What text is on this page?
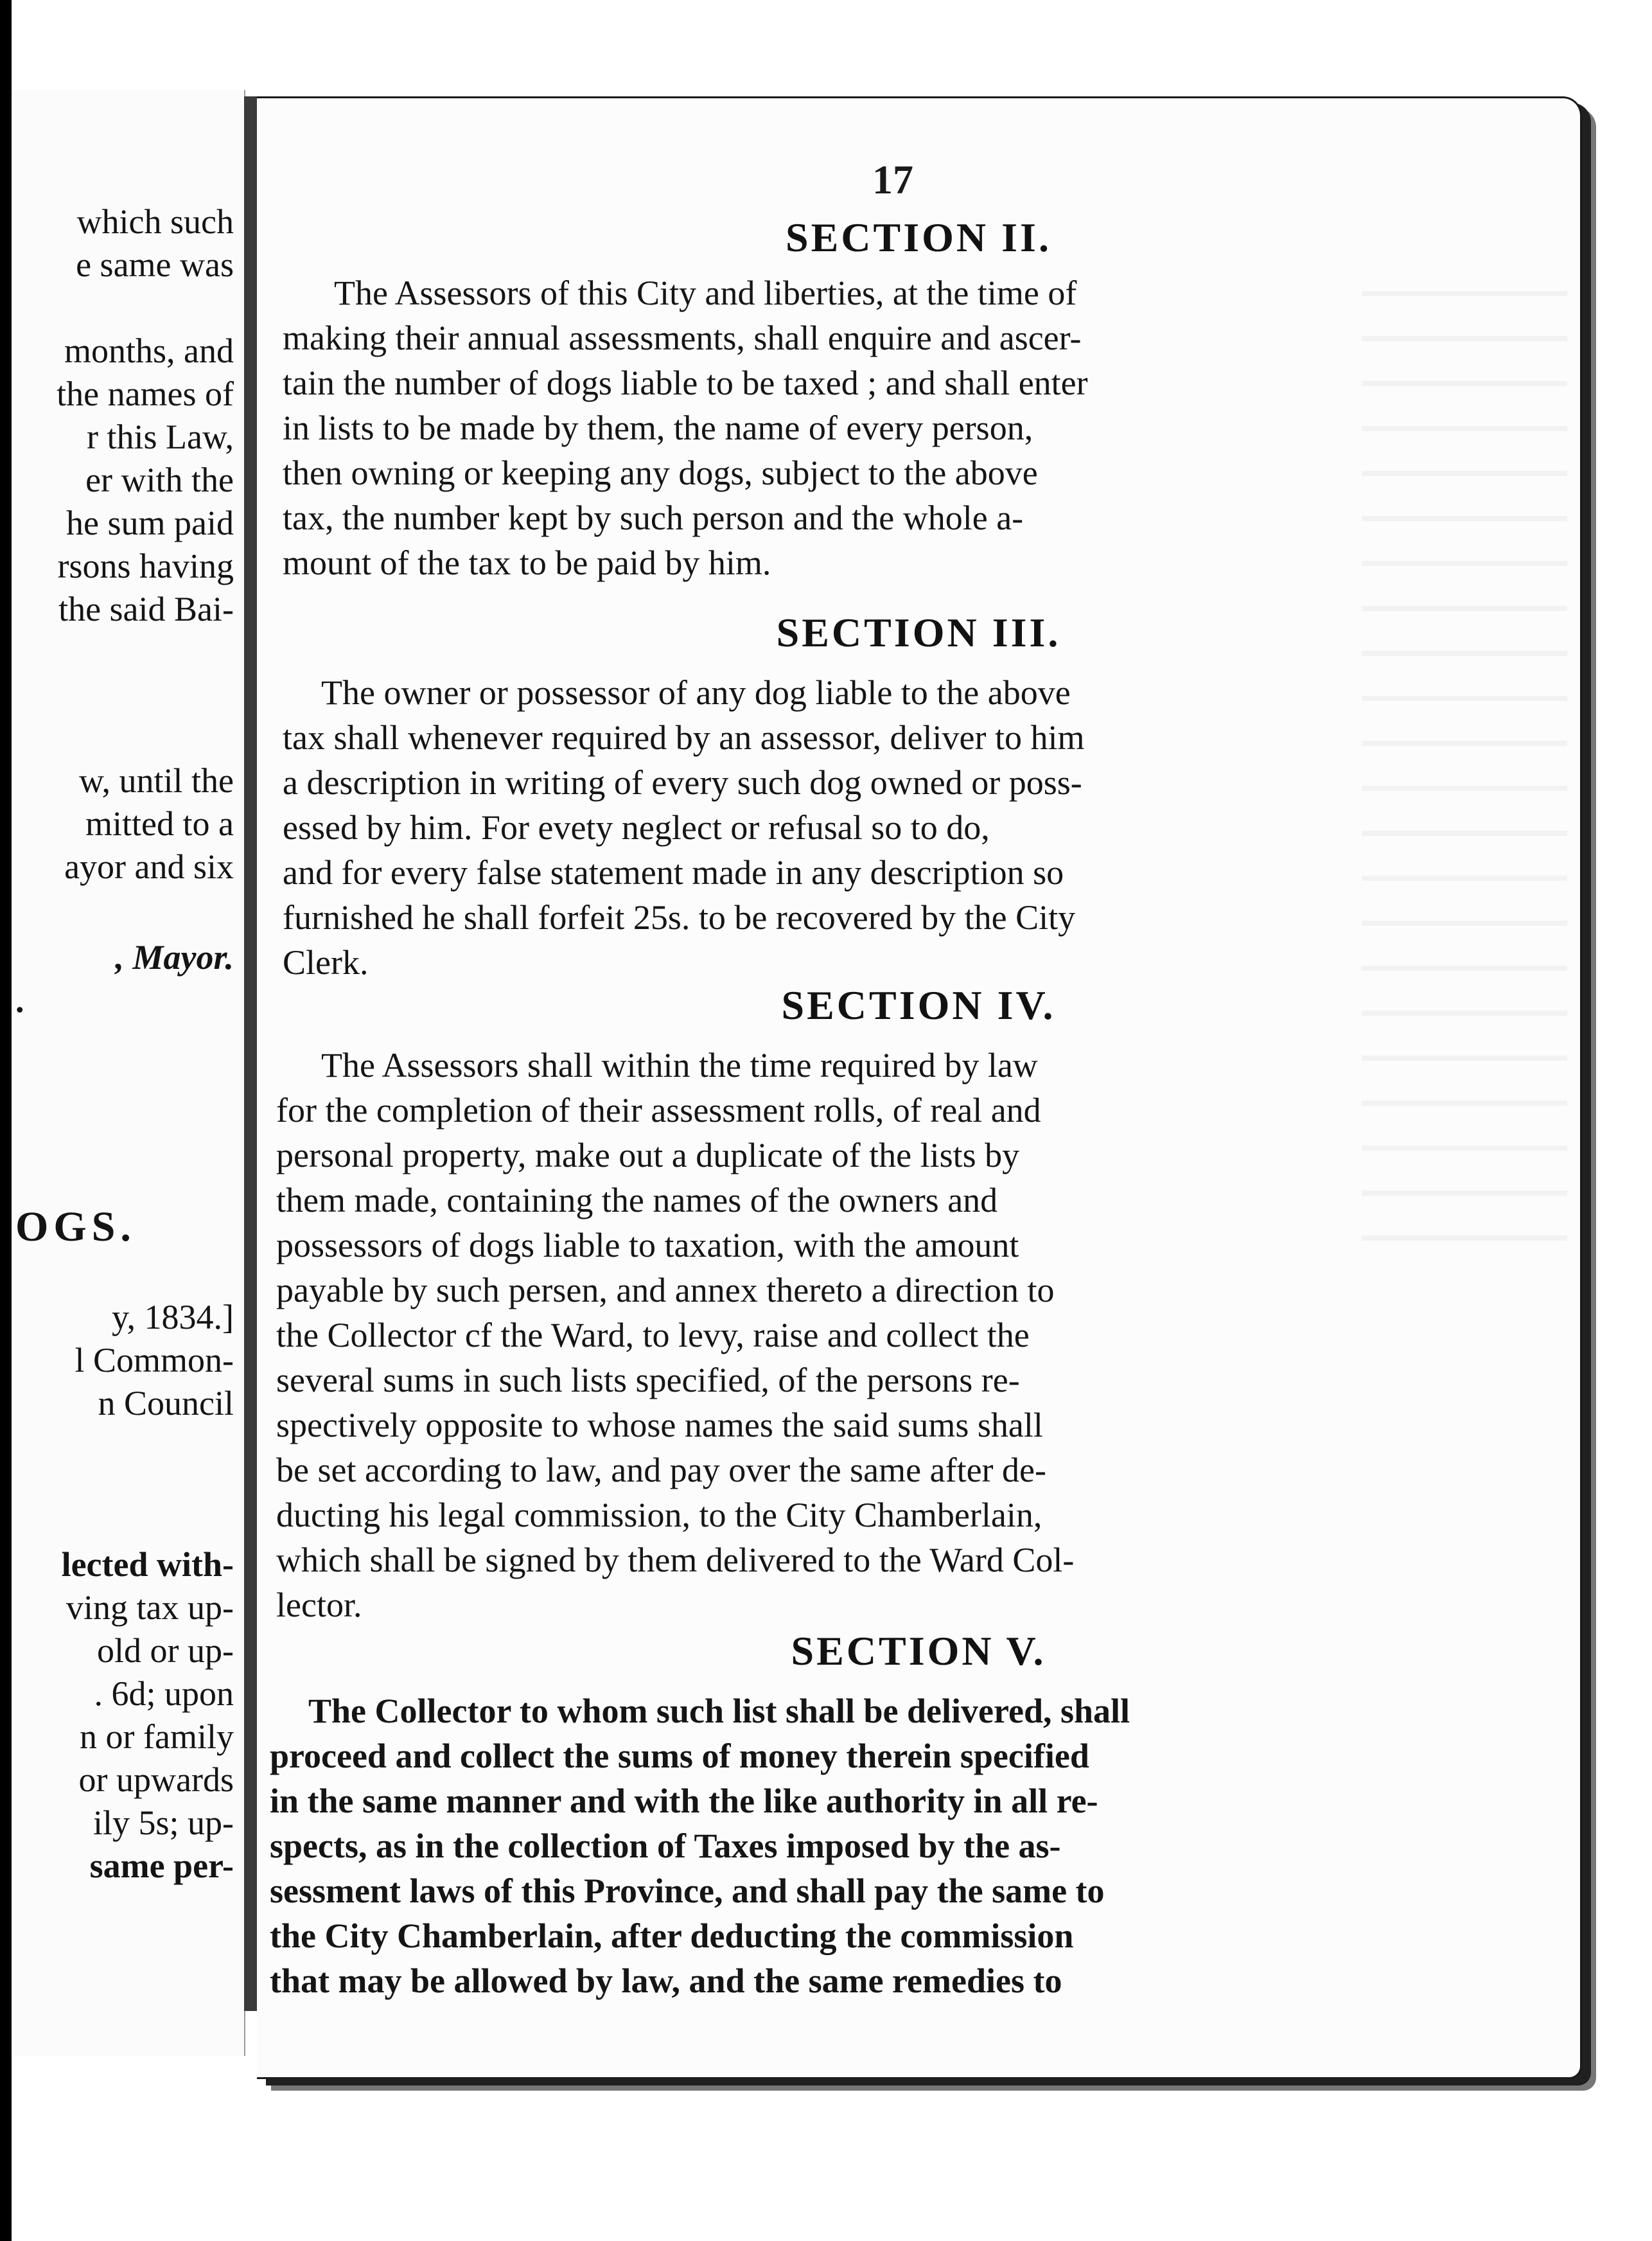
which such
e same was
months, and
the names of
r this Law,
er with the
he sum paid
rsons having
the said Bai-
w, until the
mitted to a
ayor and six
, Mayor.
.
OGS.
y, 1834.]
l Common-
n Council
lected with-
ving tax up-
old or up-
. 6d; upon
n or family
or upwards
ily 5s; up-
same per-
17
SECTION II.
The Assessors of this City and liberties, at the time of
making their annual assessments, shall enquire and ascer-
tain the number of dogs liable to be taxed ; and shall enter
in lists to be made by them, the name of every person,
then owning or keeping any dogs, subject to the above
tax, the number kept by such person and the whole a-
mount of the tax to be paid by him.
SECTION III.
The owner or possessor of any dog liable to the above
tax shall whenever required by an assessor, deliver to him
a description in writing of every such dog owned or poss-
essed by him. For evety neglect or refusal so to do,
and for every false statement made in any description so
furnished he shall forfeit 25s. to be recovered by the City
Clerk.
SECTION IV.
The Assessors shall within the time required by law
for the completion of their assessment rolls, of real and
personal property, make out a duplicate of the lists by
them made, containing the names of the owners and
possessors of dogs liable to taxation, with the amount
payable by such persen, and annex thereto a direction to
the Collector cf the Ward, to levy, raise and collect the
several sums in such lists specified, of the persons re-
spectively opposite to whose names the said sums shall
be set according to law, and pay over the same after de-
ducting his legal commission, to the City Chamberlain,
which shall be signed by them delivered to the Ward Col-
lector.
SECTION V.
The Collector to whom such list shall be delivered, shall
proceed and collect the sums of money therein specified
in the same manner and with the like authority in all re-
spects, as in the collection of Taxes imposed by the as-
sessment laws of this Province, and shall pay the same to
the City Chamberlain, after deducting the commission
that may be allowed by law, and the same remedies to
